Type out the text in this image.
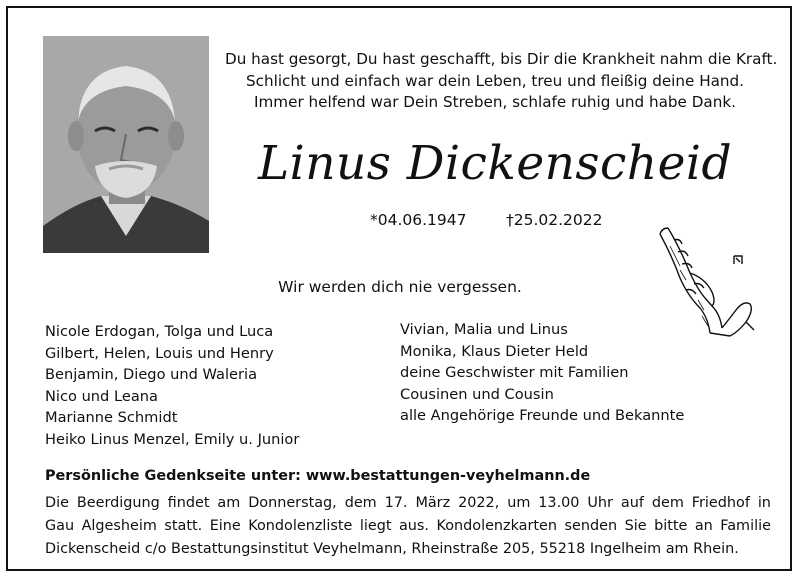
Du hast gesorgt, Du hast geschafft, bis Dir die Krankheit nahm die Kraft.
Schlicht und einfach war dein Leben, treu und fleißig deine Hand.
Immer helfend war Dein Streben, schlafe ruhig und habe Dank.
Linus Dickenscheid
*04.06.1947	†25.02.2022
Wir werden dich nie vergessen.
Nicole Erdogan, Tolga und Luca
Gilbert, Helen, Louis und Henry
Benjamin, Diego und Waleria
Nico und Leana
Marianne Schmidt
Heiko Linus Menzel, Emily u. Junior
Vivian, Malia und Linus
Monika, Klaus Dieter Held
deine Geschwister mit Familien
Cousinen und Cousin
alle Angehörige Freunde und Bekannte
Persönliche Gedenkseite unter: www.bestattungen-veyhelmann.de
Die Beerdigung findet am Donnerstag, dem 17. März 2022, um 13.00 Uhr auf dem Friedhof in
Gau Algesheim statt. Eine Kondolenzliste liegt aus. Kondolenzkarten senden Sie bitte an Familie
Dickenscheid c/o Bestattungsinstitut Veyhelmann, Rheinstraße 205, 55218 Ingelheim am Rhein.
